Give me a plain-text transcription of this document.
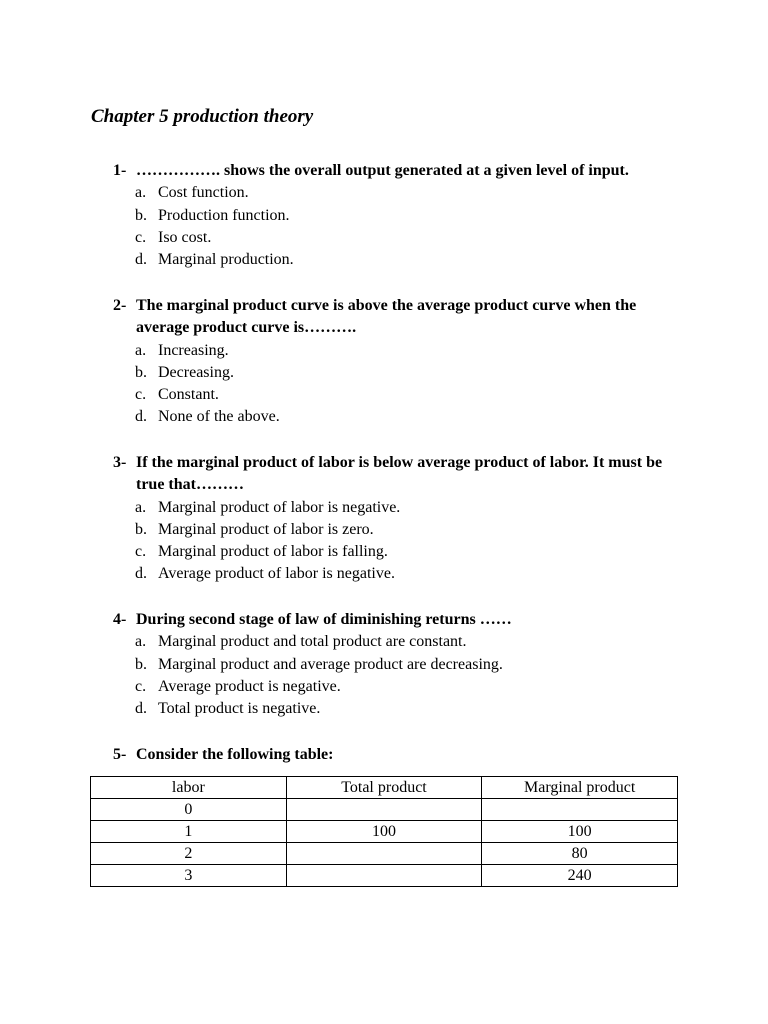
Chapter 5 production theory
1- ……………. shows the overall output generated at a given level of input.
a. Cost function.
b. Production function.
c. Iso cost.
d. Marginal production.
2- The marginal product curve is above the average product curve when the average product curve is……….
a. Increasing.
b. Decreasing.
c. Constant.
d. None of the above.
3- If the marginal product of labor is below average product of labor. It must be true that………
a. Marginal product of labor is negative.
b. Marginal product of labor is zero.
c. Marginal product of labor is falling.
d. Average product of labor is negative.
4- During second stage of law of diminishing returns ……
a. Marginal product and total product are constant.
b. Marginal product and average product are decreasing.
c. Average product is negative.
d. Total product is negative.
5- Consider the following table:
labor	Total product	Marginal product
0		
1	100	100
2		80
3		240
